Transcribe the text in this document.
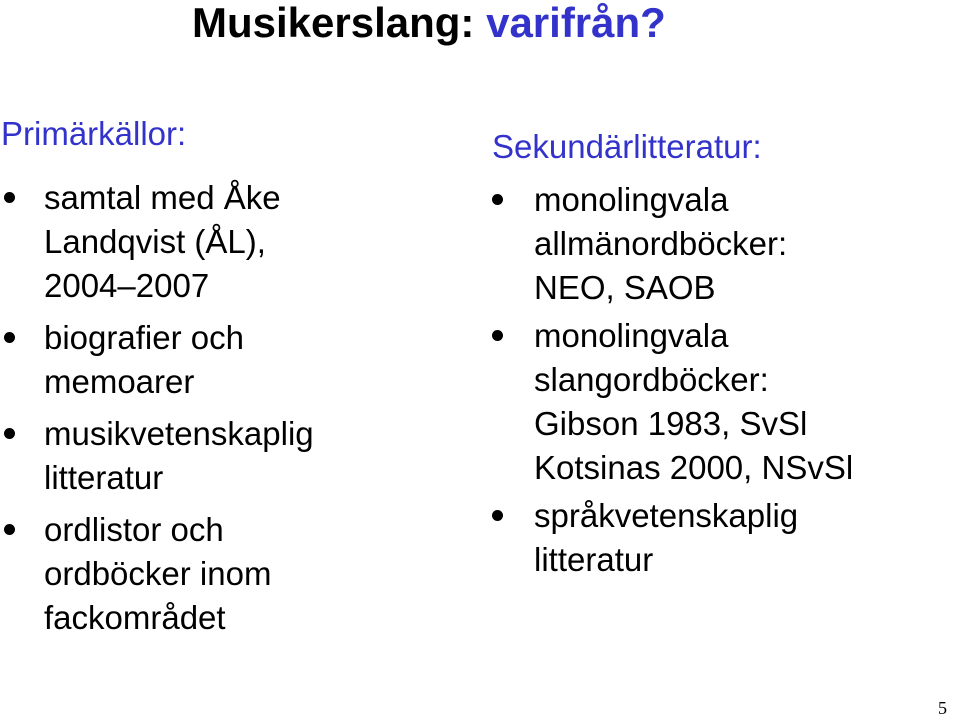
Musikerslang: varifrån?
Primärkällor:
samtal med Åke
Landqvist (ÅL),
2004–2007
biografier och
memoarer
musikvetenskaplig
litteratur
ordlistor och
ordböcker inom
fackområdet
Sekundärlitteratur:
monolingvala
allmänordböcker:
NEO, SAOB
monolingvala
slangordböcker:
Gibson 1983, SvSl
Kotsinas 2000, NSvSl
språkvetenskaplig
litteratur
5
